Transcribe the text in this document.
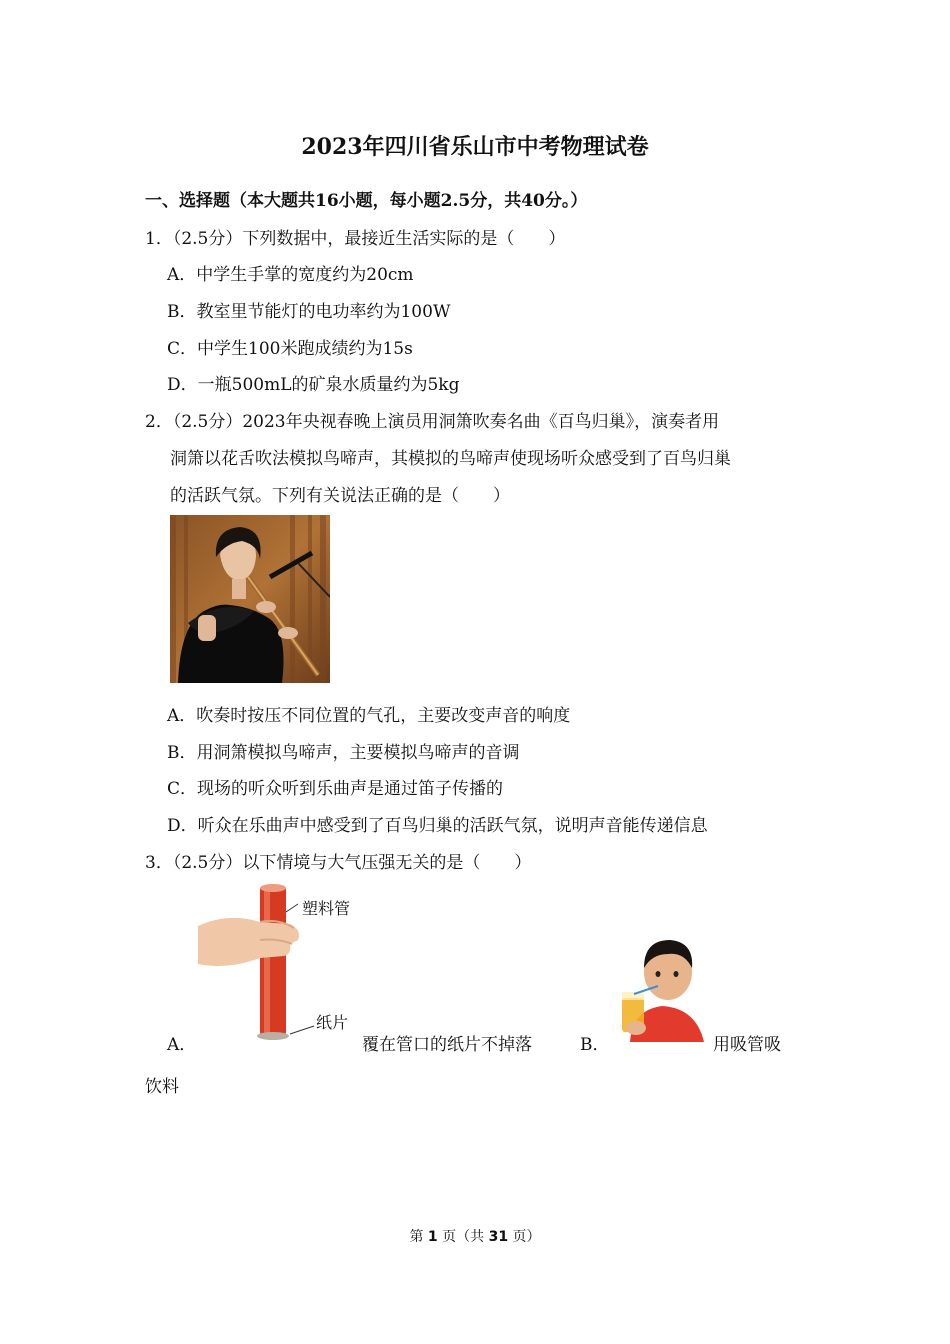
2023年四川省乐山市中考物理试卷
一、选择题（本大题共16小题，每小题2.5分，共40分。）
1．（2.5分）下列数据中，最接近生活实际的是（　　）
A．中学生手掌的宽度约为20cm
B．教室里节能灯的电功率约为100W
C．中学生100米跑成绩约为15s
D．一瓶500mL的矿泉水质量约为5kg
2．（2.5分）2023年央视春晚上演员用洞箫吹奏名曲《百鸟归巢》，演奏者用
洞箫以花舌吹法模拟鸟啼声，其模拟的鸟啼声使现场听众感受到了百鸟归巢
的活跃气氛。下列有关说法正确的是（　　）
A．吹奏时按压不同位置的气孔，主要改变声音的响度
B．用洞箫模拟鸟啼声，主要模拟鸟啼声的音调
C．现场的听众听到乐曲声是通过笛子传播的
D．听众在乐曲声中感受到了百鸟归巢的活跃气氛，说明声音能传递信息
3．（2.5分）以下情境与大气压强无关的是（　　）
塑料管
纸片
A．	覆在管口的纸片不掉落	B．	用吸管吸
饮料
第 1 页（共 31 页）
